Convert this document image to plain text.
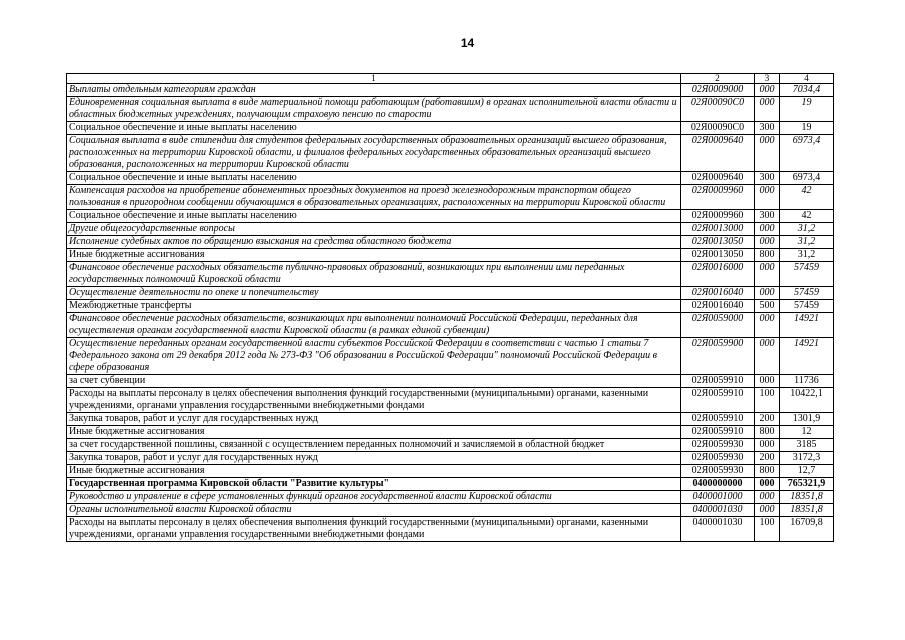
14
1	2	3	4
Выплаты отдельным категориям граждан	02Я0009000	000	7034,4
Единовременная социальная выплата в виде материальной помощи работающим (работавшим) в органах исполнительной власти области и областных бюджетных учреждениях, получающим страховую пенсию по старости	02Я00090С0	000	19
Социальное обеспечение и иные выплаты населению	02Я00090С0	300	19
Социальная выплата в виде стипендии для студентов федеральных государственных образовательных организаций высшего образования, расположенных на территории Кировской области, и филиалов федеральных государственных образовательных организаций высшего образования, расположенных на территории Кировской области	02Я0009640	000	6973,4
Социальное обеспечение и иные выплаты населению	02Я0009640	300	6973,4
Компенсация расходов на приобретение абонементных проездных документов на проезд железнодорожным транспортом общего пользования в пригородном сообщении обучающимся в образовательных организациях, расположенных на территории Кировской области	02Я0009960	000	42
Социальное обеспечение и иные выплаты населению	02Я0009960	300	42
Другие общегосударственные вопросы	02Я0013000	000	31,2
Исполнение судебных актов по обращению взыскания на средства областного бюджета	02Я0013050	000	31,2
Иные бюджетные ассигнования	02Я0013050	800	31,2
Финансовое обеспечение расходных обязательств публично-правовых образований, возникающих при выполнении ими переданных государственных полномочий Кировской области	02Я0016000	000	57459
Осуществление деятельности по опеке и попечительству	02Я0016040	000	57459
Межбюджетные трансферты	02Я0016040	500	57459
Финансовое обеспечение расходных обязательств, возникающих при выполнении полномочий Российской Федерации, переданных для осуществления органам государственной власти Кировской области (в рамках единой субвенции)	02Я0059000	000	14921
Осуществление переданных органам государственной власти субъектов Российской Федерации в соответствии с частью 1 статьи 7 Федерального закона от 29 декабря 2012 года № 273-ФЗ "Об образовании в Российской Федерации" полномочий Российской Федерации в сфере образования	02Я0059900	000	14921
за счет субвенции	02Я0059910	000	11736
Расходы на выплаты персоналу в целях обеспечения выполнения функций государственными (муниципальными) органами, казенными учреждениями, органами управления государственными внебюджетными фондами	02Я0059910	100	10422,1
Закупка товаров, работ и услуг для государственных нужд	02Я0059910	200	1301,9
Иные бюджетные ассигнования	02Я0059910	800	12
за счет государственной пошлины, связанной с осуществлением переданных полномочий и зачисляемой в областной бюджет	02Я0059930	000	3185
Закупка товаров, работ и услуг для государственных нужд	02Я0059930	200	3172,3
Иные бюджетные ассигнования	02Я0059930	800	12,7
Государственная программа Кировской области "Развитие культуры"	0400000000	000	765321,9
Руководство и управление в сфере установленных функций органов государственной власти Кировской области	0400001000	000	18351,8
Органы исполнительной власти Кировской области	0400001030	000	18351,8
Расходы на выплаты персоналу в целях обеспечения выполнения функций государственными (муниципальными) органами, казенными учреждениями, органами управления государственными внебюджетными фондами	0400001030	100	16709,8
